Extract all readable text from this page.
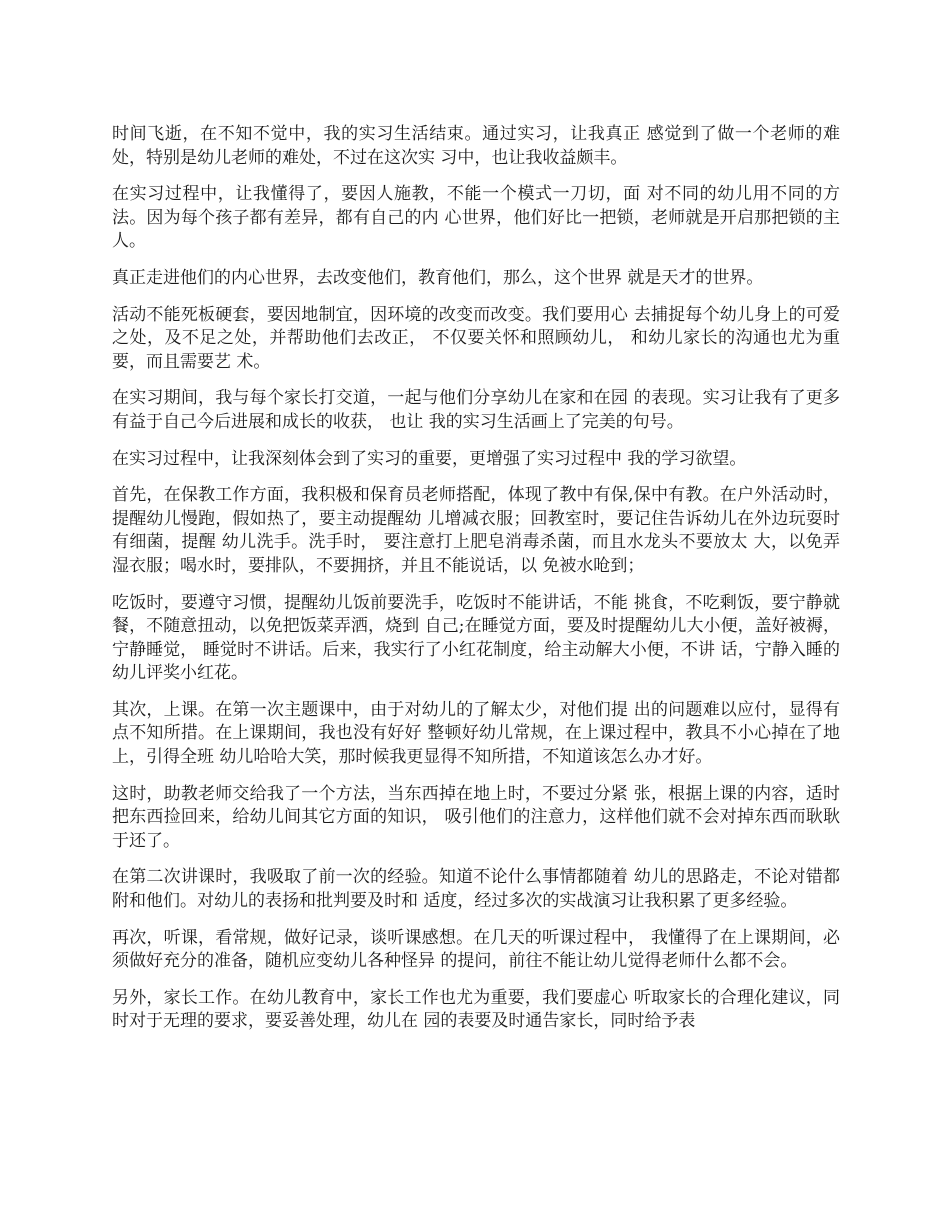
时间飞逝，在不知不觉中，我的实习生活结束。通过实习，让我真正 感觉到了做一个老师的难处，特别是幼儿老师的难处，不过在这次实 习中，也让我收益颇丰。

在实习过程中，让我懂得了，要因人施教，不能一个模式一刀切，面 对不同的幼儿用不同的方法。因为每个孩子都有差异，都有自己的内 心世界，他们好比一把锁，老师就是开启那把锁的主人。

真正走进他们的内心世界，去改变他们，教育他们，那么，这个世界 就是天才的世界。

活动不能死板硬套，要因地制宜，因环境的改变而改变。我们要用心 去捕捉每个幼儿身上的可爱之处，及不足之处，并帮助他们去改正， 不仅要关怀和照顾幼儿， 和幼儿家长的沟通也尤为重要，而且需要艺 术。

在实习期间，我与每个家长打交道，一起与他们分享幼儿在家和在园 的表现。实习让我有了更多有益于自己今后进展和成长的收获， 也让 我的实习生活画上了完美的句号。

在实习过程中，让我深刻体会到了实习的重要，更增强了实习过程中 我的学习欲望。

首先，在保教工作方面，我积极和保育员老师搭配，体现了教中有保,保中有教。在户外活动时，提醒幼儿慢跑，假如热了，要主动提醒幼 儿增减衣服；回教室时，要记住告诉幼儿在外边玩耍时有细菌，提醒 幼儿洗手。洗手时， 要注意打上肥皂消毒杀菌，而且水龙头不要放太 大，以免弄湿衣服；喝水时，要排队，不要拥挤，并且不能说话，以 免被水呛到；

吃饭时，要遵守习惯，提醒幼儿饭前要洗手，吃饭时不能讲话，不能 挑食，不吃剩饭，要宁静就餐，不随意扭动，以免把饭菜弄洒，烧到 自己;在睡觉方面，要及时提醒幼儿大小便，盖好被褥，宁静睡觉， 睡觉时不讲话。后来，我实行了小红花制度，给主动解大小便，不讲 话，宁静入睡的幼儿评奖小红花。

其次，上课。在第一次主题课中，由于对幼儿的了解太少，对他们提 出的问题难以应付，显得有点不知所措。在上课期间，我也没有好好 整顿好幼儿常规，在上课过程中，教具不小心掉在了地上，引得全班 幼儿哈哈大笑，那时候我更显得不知所措，不知道该怎么办才好。

这时，助教老师交给我了一个方法，当东西掉在地上时，不要过分紧 张，根据上课的内容，适时把东西捡回来，给幼儿间其它方面的知识， 吸引他们的注意力，这样他们就不会对掉东西而耿耿于还了。

在第二次讲课时，我吸取了前一次的经验。知道不论什么事情都随着 幼儿的思路走，不论对错都附和他们。对幼儿的表扬和批判要及时和 适度，经过多次的实战演习让我积累了更多经验。

再次，听课，看常规，做好记录，谈听课感想。在几天的听课过程中， 我懂得了在上课期间，必须做好充分的准备，随机应变幼儿各种怪异 的提问，前往不能让幼儿觉得老师什么都不会。

另外，家长工作。在幼儿教育中，家长工作也尤为重要，我们要虚心 听取家长的合理化建议，同时对于无理的要求，要妥善处理，幼儿在 园的表要及时通告家长，同时给予表
